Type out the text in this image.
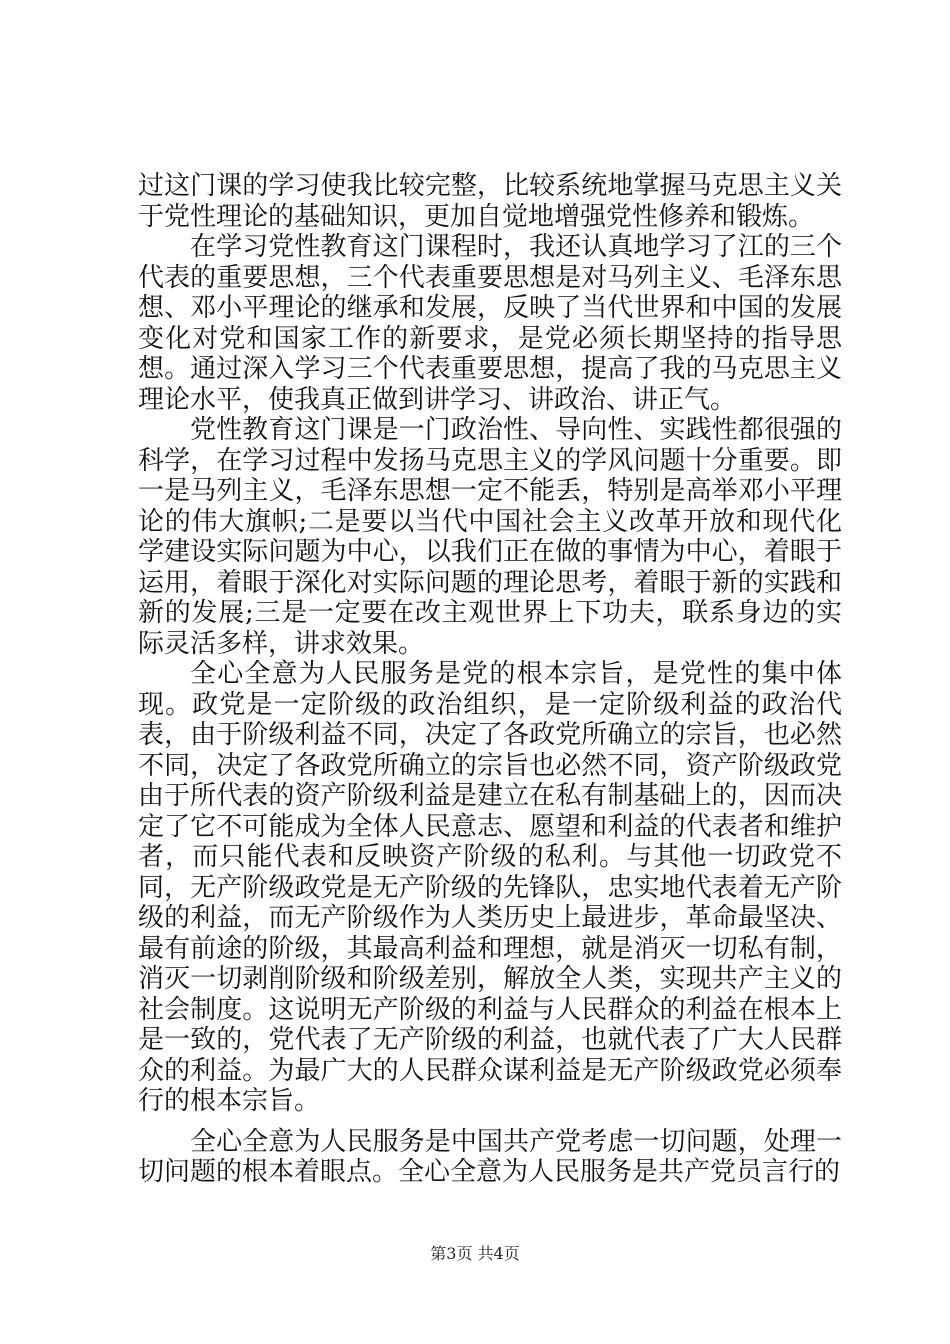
过这门课的学习使我比较完整，比较系统地掌握马克思主义关于党性理论的基础知识，更加自觉地增强党性修养和锻炼。

在学习党性教育这门课程时，我还认真地学习了江的三个代表的重要思想，三个代表重要思想是对马列主义、毛泽东思想、邓小平理论的继承和发展，反映了当代世界和中国的发展变化对党和国家工作的新要求，是党必须长期坚持的指导思想。通过深入学习三个代表重要思想，提高了我的马克思主义理论水平，使我真正做到讲学习、讲政治、讲正气。

党性教育这门课是一门政治性、导向性、实践性都很强的科学，在学习过程中发扬马克思主义的学风问题十分重要。即一是马列主义，毛泽东思想一定不能丢，特别是高举邓小平理论的伟大旗帜;二是要以当代中国社会主义改革开放和现代化学建设实际问题为中心，以我们正在做的事情为中心，着眼于运用，着眼于深化对实际问题的理论思考，着眼于新的实践和新的发展;三是一定要在改主观世界上下功夫，联系身边的实际灵活多样，讲求效果。

全心全意为人民服务是党的根本宗旨，是党性的集中体现。政党是一定阶级的政治组织，是一定阶级利益的政治代表，由于阶级利益不同，决定了各政党所确立的宗旨，也必然不同，决定了各政党所确立的宗旨也必然不同，资产阶级政党由于所代表的资产阶级利益是建立在私有制基础上的，因而决定了它不可能成为全体人民意志、愿望和利益的代表者和维护者，而只能代表和反映资产阶级的私利。与其他一切政党不同，无产阶级政党是无产阶级的先锋队，忠实地代表着无产阶级的利益，而无产阶级作为人类历史上最进步，革命最坚决、最有前途的阶级，其最高利益和理想，就是消灭一切私有制，消灭一切剥削阶级和阶级差别，解放全人类，实现共产主义的社会制度。这说明无产阶级的利益与人民群众的利益在根本上是一致的，党代表了无产阶级的利益，也就代表了广大人民群众的利益。为最广大的人民群众谋利益是无产阶级政党必须奉行的根本宗旨。

全心全意为人民服务是中国共产党考虑一切问题，处理一切问题的根本着眼点。全心全意为人民服务是共产党员言行的

第3页 共4页
